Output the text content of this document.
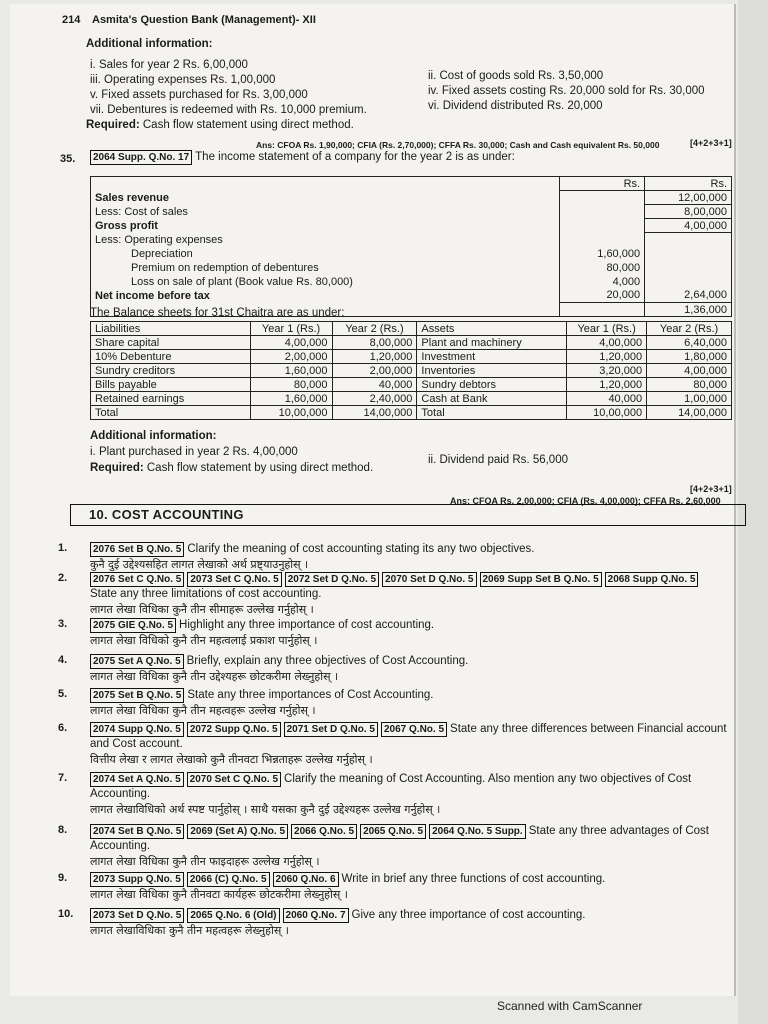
214 Asmita's Question Bank (Management)- XII
Additional information:
i. Sales for year 2 Rs. 6,00,000
iii. Operating expenses Rs. 1,00,000
v. Fixed assets purchased for Rs. 3,00,000
vii. Debentures is redeemed with Rs. 10,000 premium.
ii. Cost of goods sold Rs. 3,50,000
iv. Fixed assets costing Rs. 20,000 sold for Rs. 30,000
vi. Dividend distributed Rs. 20,000
Required: Cash flow statement using direct method.
[4+2+3+1]
Ans: CFOA Rs. 1,90,000; CFIA (Rs. 2,70,000); CFFA Rs. 30,000; Cash and Cash equivalent Rs. 50,000
35.	2064 Supp. Q.No. 17 The income statement of a company for the year 2 is as under:
	Rs.	Rs.
Sales revenue		12,00,000
Less: Cost of sales		8,00,000
Gross profit		4,00,000
Less: Operating expenses		
Depreciation	1,60,000	
Premium on redemption of debentures	80,000	
Loss on sale of plant (Book value Rs. 80,000)	4,000	
Net income before tax	20,000	2,64,000
		1,36,000
The Balance sheets for 31st Chaitra are as under:
Liabilities	Year 1 (Rs.)	Year 2 (Rs.)	Assets	Year 1 (Rs.)	Year 2 (Rs.)
Share capital	4,00,000	8,00,000	Plant and machinery	4,00,000	6,40,000
10% Debenture	2,00,000	1,20,000	Investment	1,20,000	1,80,000
Sundry creditors	1,60,000	2,00,000	Inventories	3,20,000	4,00,000
Bills payable	80,000	40,000	Sundry debtors	1,20,000	80,000
Retained earnings	1,60,000	2,40,000	Cash at Bank	40,000	1,00,000
Total	10,00,000	14,00,000	Total	10,00,000	14,00,000
Additional information:
i. Plant purchased in year 2 Rs. 4,00,000
ii. Dividend paid Rs. 56,000
Required: Cash flow statement by using direct method.
[4+2+3+1]
Ans: CFOA Rs. 2,00,000; CFIA (Rs. 4,00,000); CFFA Rs. 2,60,000
10. COST ACCOUNTING
1.	2076 Set B Q.No. 5 Clarify the meaning of cost accounting stating its any two objectives.
कुनै दुई उद्देश्यसहित लागत लेखाको अर्थ प्रष्ट्याउनुहोस् ।
2.	2076 Set C Q.No. 5 2073 Set C Q.No. 5 2072 Set D Q.No. 5 2070 Set D Q.No. 5 2069 Supp Set B Q.No. 5 2068 Supp Q.No. 5
State any three limitations of cost accounting.
लागत लेखा विधिका कुनै तीन सीमाहरू उल्लेख गर्नुहोस् ।
3.	2075 GIE Q.No. 5 Highlight any three importance of cost accounting.
लागत लेखा विधिको कुनै तीन महत्वलाई प्रकाश पार्नुहोस् ।
4.	2075 Set A Q.No. 5 Briefly, explain any three objectives of Cost Accounting.
लागत लेखा विधिका कुनै तीन उद्देश्यहरू छोटकरीमा लेख्नुहोस् ।
5.	2075 Set B Q.No. 5 State any three importances of Cost Accounting.
लागत लेखा विधिका कुनै तीन महत्वहरू उल्लेख गर्नुहोस् ।
6.	2074 Supp Q.No. 5 2072 Supp Q.No. 5 2071 Set D Q.No. 5 2067 Q.No. 5 State any three differences between Financial account
and Cost account.
वित्तीय लेखा र लागत लेखाको कुनै तीनवटा भिन्नताहरू उल्लेख गर्नुहोस् ।
7.	2074 Set A Q.No. 5 2070 Set C Q.No. 5 Clarify the meaning of Cost Accounting. Also mention any two objectives of Cost
Accounting.
लागत लेखाविधिको अर्थ स्पष्ट पार्नुहोस् । साथै यसका कुनै दुई उद्देश्यहरू उल्लेख गर्नुहोस् ।
8.	2074 Set B Q.No. 5 2069 (Set A) Q.No. 5 2066 Q.No. 5 2065 Q.No. 5 2064 Q.No. 5 Supp. State any three advantages of Cost
Accounting.
लागत लेखा विधिका कुनै तीन फाइदाहरू उल्लेख गर्नुहोस् ।
9.	2073 Supp Q.No. 5 2066 (C) Q.No. 5 2060 Q.No. 6 Write in brief any three functions of cost accounting.
लागत लेखा विधिका कुनै तीनवटा कार्यहरू छोटकरीमा लेख्नुहोस् ।
10.	2073 Set D Q.No. 5 2065 Q.No. 6 (Old) 2060 Q.No. 7 Give any three importance of cost accounting.
लागत लेखाविधिका कुनै तीन महत्वहरू लेख्नुहोस् ।
Scanned with CamScanner
